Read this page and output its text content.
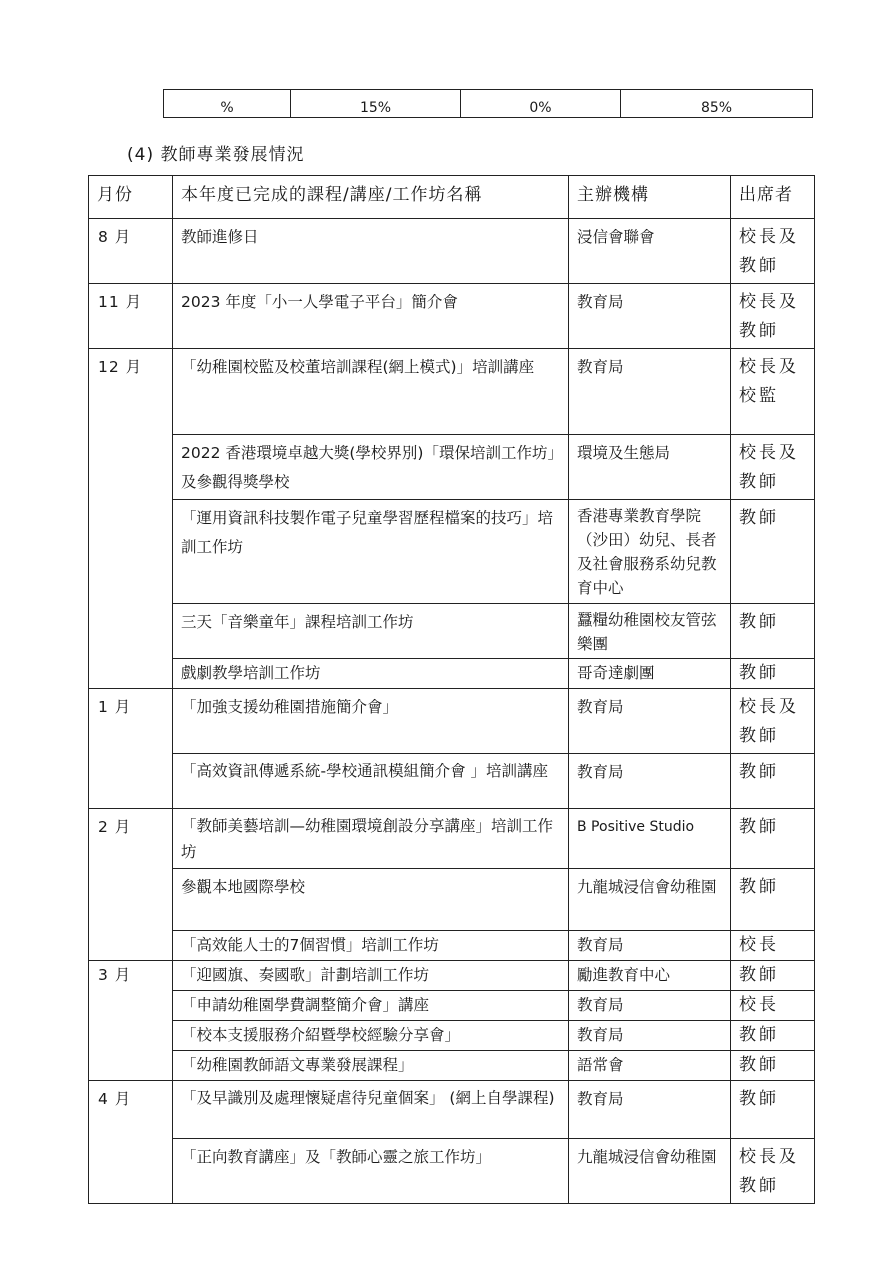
%	15%	0%	85%
(4) 教師專業發展情況
月份	本年度已完成的課程/講座/工作坊名稱	主辦機構	出席者
8 月	教師進修日	浸信會聯會	校長及教師
11 月	2023 年度「小一人學電子平台」簡介會	教育局	校長及教師
12 月	「幼稚園校監及校董培訓課程(網上模式)」培訓講座	教育局	校長及校監
	2022 香港環境卓越大獎(學校界別)「環保培訓工作坊」及參觀得獎學校	環境及生態局	校長及教師
	「運用資訊科技製作電子兒童學習歷程檔案的技巧」培訓工作坊	香港專業教育學院（沙田）幼兒、長者及社會服務系幼兒教育中心	教師
	三天「音樂童年」課程培訓工作坊	蠶糧幼稚園校友管弦樂團	教師
	戲劇教學培訓工作坊	哥奇達劇團	教師
1 月	「加強支援幼稚園措施簡介會」	教育局	校長及教師
	「高效資訊傳遞系統-學校通訊模組簡介會 」培訓講座	教育局	教師
2 月	「教師美藝培訓—幼稚園環境創設分享講座」培訓工作坊	B Positive Studio	教師
	參觀本地國際學校	九龍城浸信會幼稚園	教師
	「高效能人士的7個習慣」培訓工作坊	教育局	校長
3 月	「迎國旗、奏國歌」計劃培訓工作坊	勵進教育中心	教師
	「申請幼稚園學費調整簡介會」講座	教育局	校長
	「校本支援服務介紹暨學校經驗分享會」	教育局	教師
	「幼稚園教師語文專業發展課程」	語常會	教師
4 月	「及早識別及處理懷疑虐待兒童個案」 (網上自學課程)	教育局	教師
	「正向教育講座」及「教師心靈之旅工作坊」	九龍城浸信會幼稚園	校長及教師
